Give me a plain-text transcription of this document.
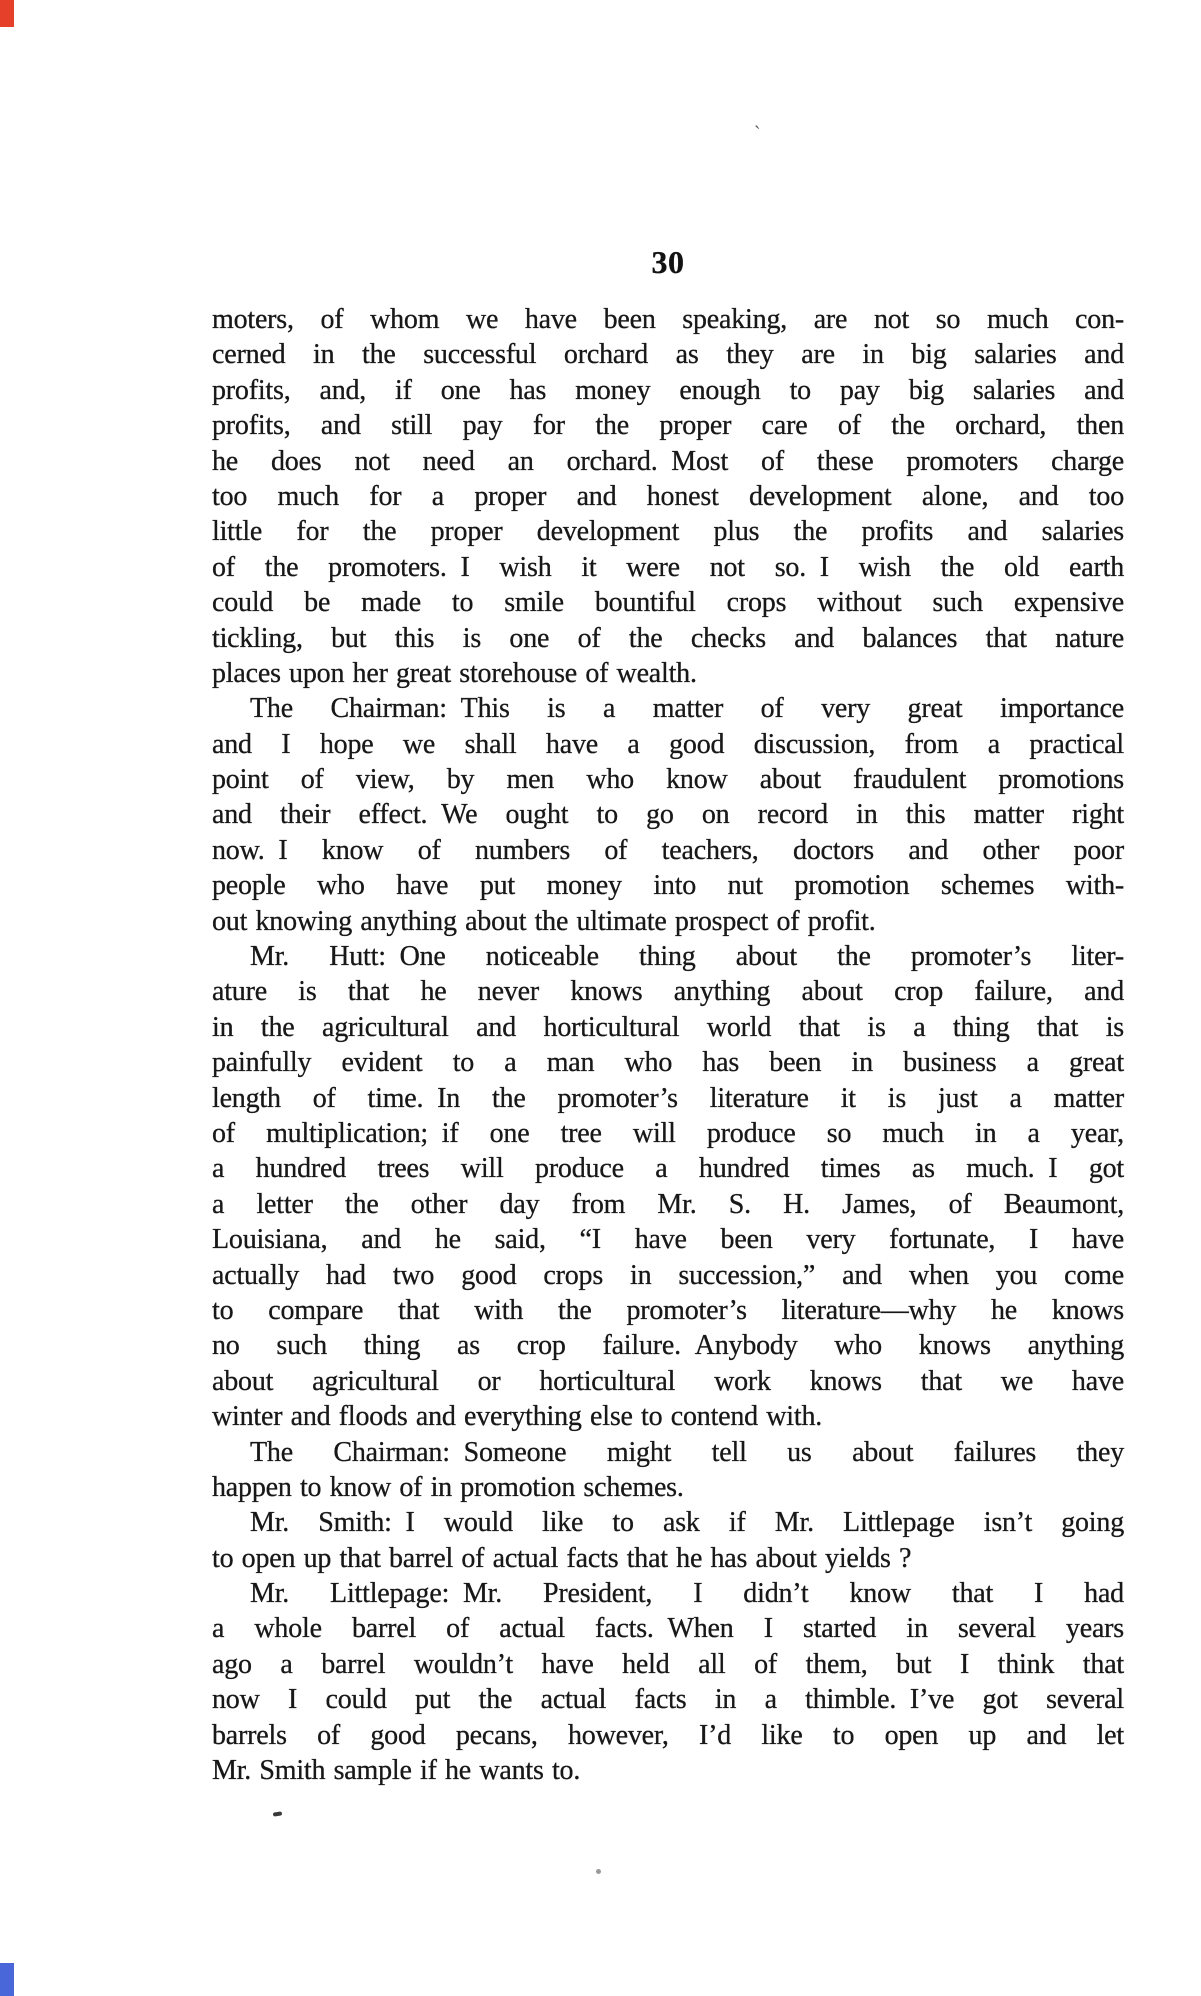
‵
30
moters, of whom we have been speaking, are not so much con-
cerned in the successful orchard as they are in big salaries and
profits, and, if one has money enough to pay big salaries and
profits, and still pay for the proper care of the orchard, then
he does not need an orchard. Most of these promoters charge
too much for a proper and honest development alone, and too
little for the proper development plus the profits and salaries
of the promoters. I wish it were not so. I wish the old earth
could be made to smile bountiful crops without such expensive
tickling, but this is one of the checks and balances that nature
places upon her great storehouse of wealth.
The Chairman: This is a matter of very great importance
and I hope we shall have a good discussion, from a practical
point of view, by men who know about fraudulent promotions
and their effect. We ought to go on record in this matter right
now. I know of numbers of teachers, doctors and other poor
people who have put money into nut promotion schemes with-
out knowing anything about the ultimate prospect of profit.
Mr. Hutt: One noticeable thing about the promoter’s liter-
ature is that he never knows anything about crop failure, and
in the agricultural and horticultural world that is a thing that is
painfully evident to a man who has been in business a great
length of time. In the promoter’s literature it is just a matter
of multiplication; if one tree will produce so much in a year,
a hundred trees will produce a hundred times as much. I got
a letter the other day from Mr. S. H. James, of Beaumont,
Louisiana, and he said, “I have been very fortunate, I have
actually had two good crops in succession,” and when you come
to compare that with the promoter’s literature—why he knows
no such thing as crop failure. Anybody who knows anything
about agricultural or horticultural work knows that we have
winter and floods and everything else to contend with.
The Chairman: Someone might tell us about failures they
happen to know of in promotion schemes.
Mr. Smith: I would like to ask if Mr. Littlepage isn’t going
to open up that barrel of actual facts that he has about yields ?
Mr. Littlepage: Mr. President, I didn’t know that I had
a whole barrel of actual facts. When I started in several years
ago a barrel wouldn’t have held all of them, but I think that
now I could put the actual facts in a thimble. I’ve got several
barrels of good pecans, however, I’d like to open up and let
Mr. Smith sample if he wants to.
